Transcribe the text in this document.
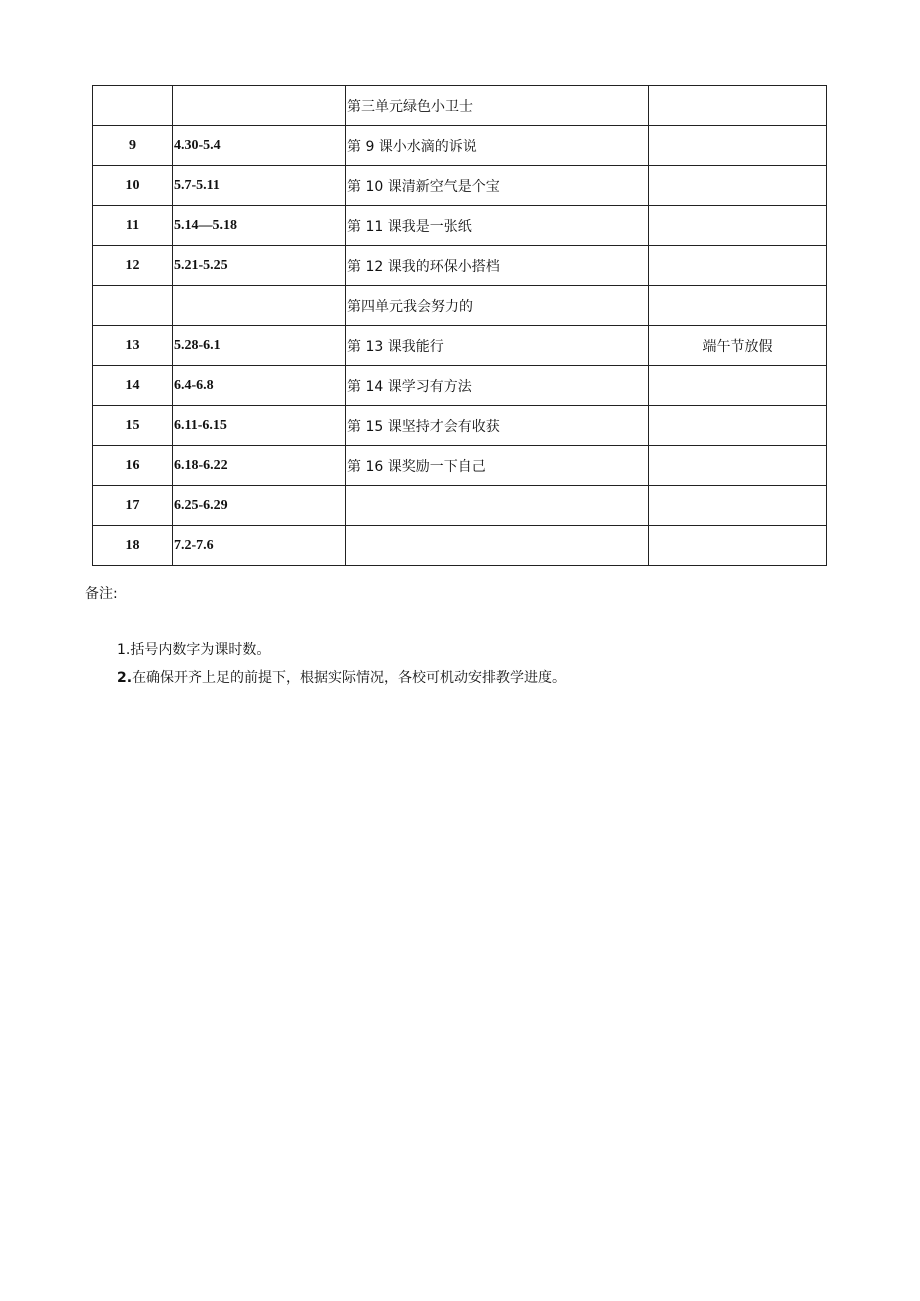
		第三单元绿色小卫士	
9	4.30-5.4	第 9 课小水滴的诉说	
10	5.7-5.11	第 10 课清新空气是个宝	
11	5.14—5.18	第 11 课我是一张纸	
12	5.21-5.25	第 12 课我的环保小搭档	
		第四单元我会努力的	
13	5.28-6.1	第 13 课我能行	端午节放假
14	6.4-6.8	第 14 课学习有方法	
15	6.11-6.15	第 15 课坚持才会有收获	
16	6.18-6.22	第 16 课奖励一下自己	
17	6.25-6.29		
18	7.2-7.6		
备注:
1.括号内数字为课时数。
2.在确保开齐上足的前提下，根据实际情况，各校可机动安排教学进度。
